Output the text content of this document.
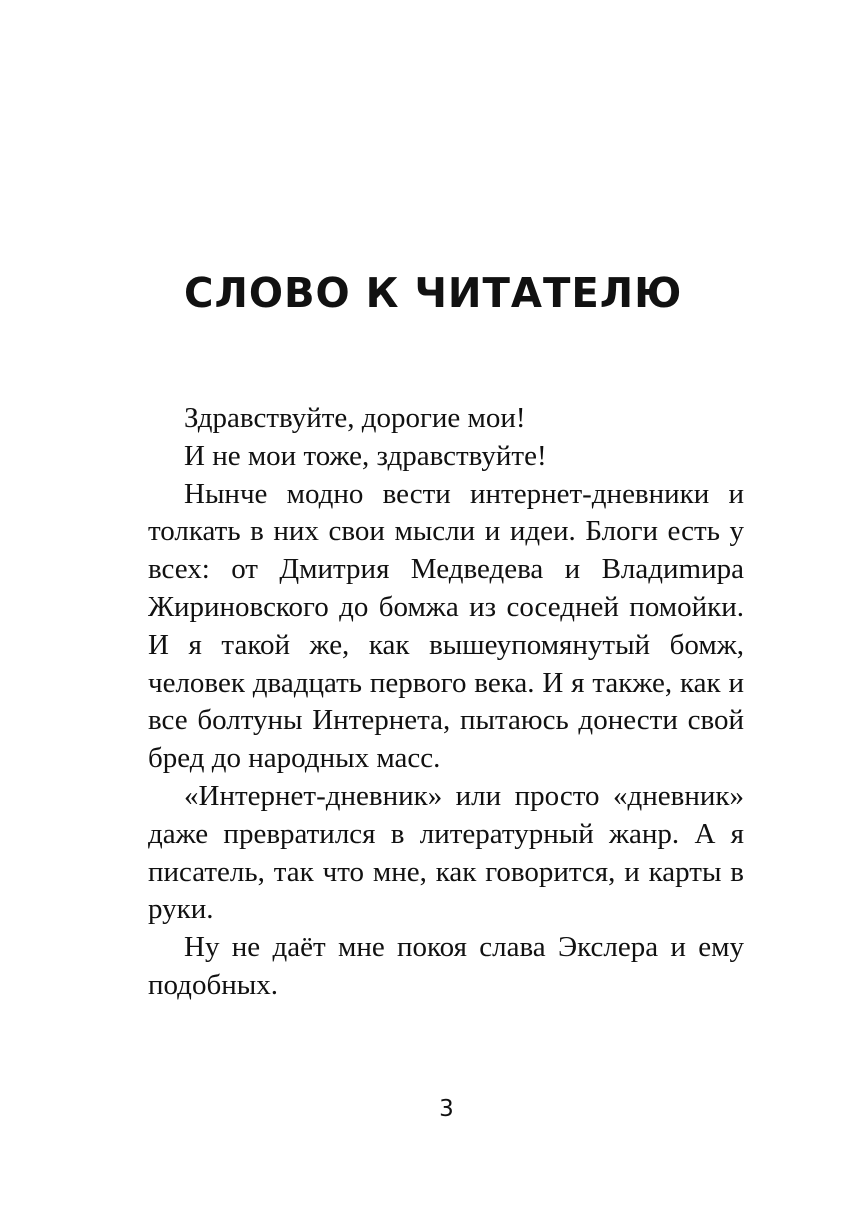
СЛОВО К ЧИТАТЕЛЮ

Здравствуйте, дорогие мои!

И не мои тоже, здравствуйте!

Нынче модно вести интернет-дневники и толкать в них свои мысли и идеи. Блоги есть у всех: от Дмитрия Медведева и Владиmира Жириновского до бомжа из соседней помойки. И я такой же, как вышеупомянутый бомж, человек двадцать первого века. И я также, как и все болтуны Интернета, пытаюсь донести свой бред до народных масс.

«Интернет-дневник» или просто «дневник» даже превратился в литературный жанр. А я писатель, так что мне, как говорится, и карты в руки.

Ну не даёт мне покоя слава Экслера и ему подобных.

3
